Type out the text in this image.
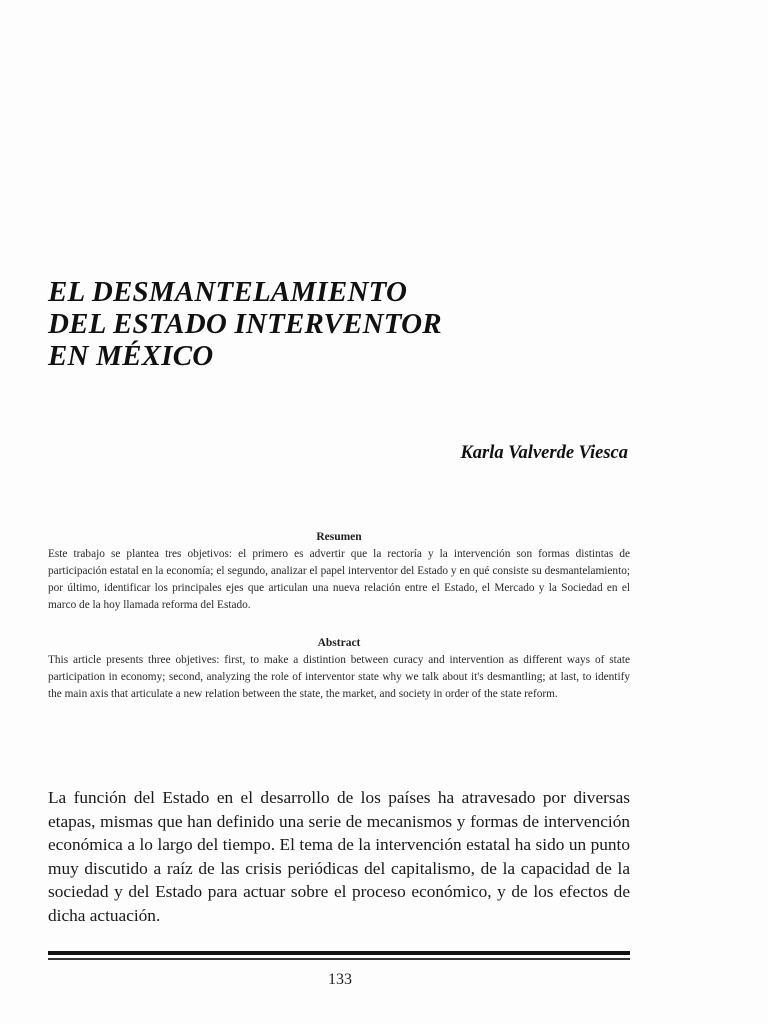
EL DESMANTELAMIENTO
DEL ESTADO INTERVENTOR
EN MÉXICO
Karla Valverde Viesca
Resumen

Este trabajo se plantea tres objetivos: el primero es advertir que la rectoría y la intervención son formas distintas de participación estatal en la economía; el segundo, analizar el papel interventor del Estado y en qué consiste su desmantelamiento; por último, identificar los principales ejes que articulan una nueva relación entre el Estado, el Mercado y la Sociedad en el marco de la hoy llamada reforma del Estado.

Abstract

This article presents three objetives: first, to make a distintion between curacy and intervention as different ways of state participation in economy; second, analyzing the role of interventor state why we talk about it's desmantling; at last, to identify the main axis that articulate a new relation between the state, the market, and society in order of the state reform.

La función del Estado en el desarrollo de los países ha atravesado por diversas etapas, mismas que han definido una serie de mecanismos y formas de intervención económica a lo largo del tiempo. El tema de la intervención estatal ha sido un punto muy discutido a raíz de las crisis periódicas del capitalismo, de la capacidad de la sociedad y del Estado para actuar sobre el proceso económico, y de los efectos de dicha actuación.

133
